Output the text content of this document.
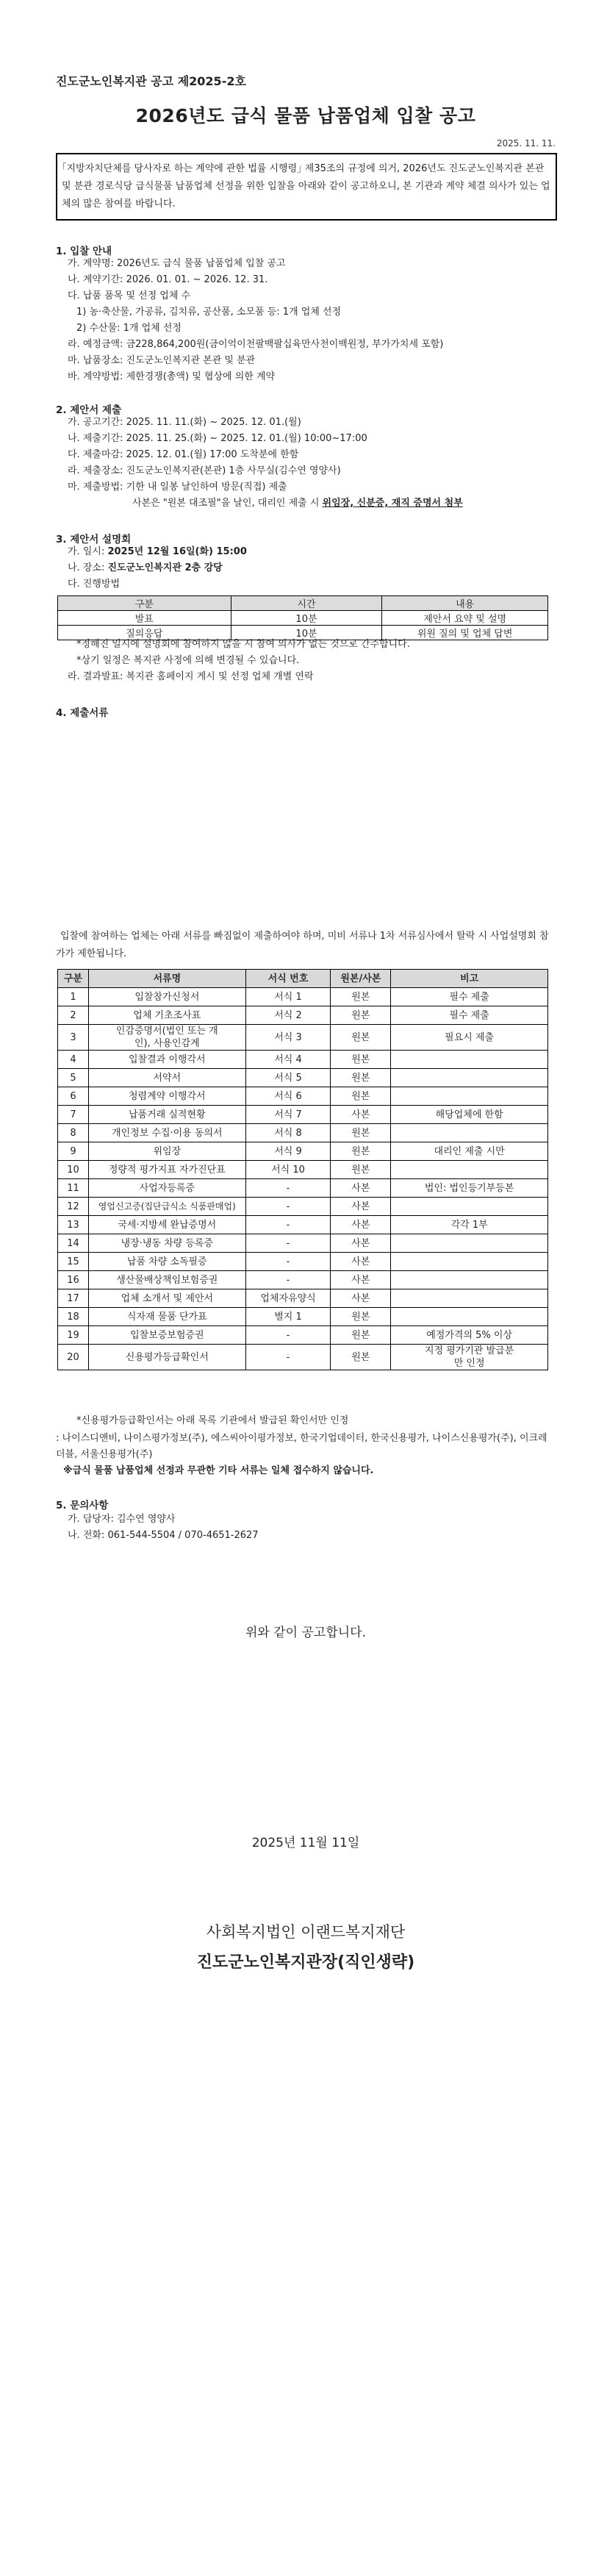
진도군노인복지관 공고 제2025-2호
2026년도 급식 물품 납품업체 입찰 공고
2025. 11. 11.
｢지방자치단체를 당사자로 하는 계약에 관한 법률 시행령｣ 제35조의 규정에 의거, 2026년도 진도군노인복지관 본관 및 분관 경로식당 급식물품 납품업체 선정을 위한 입찰을 아래와 같이 공고하오니, 본 기관과 계약 체결 의사가 있는 업체의 많은 참여를 바랍니다.
1. 입찰 안내
가. 계약명: 2026년도 급식 물품 납품업체 입찰 공고
나. 계약기간: 2026. 01. 01. ~ 2026. 12. 31.
다. 납품 품목 및 선정 업체 수
1) 농·축산물, 가공류, 김치류, 공산품, 소모품 등: 1개 업체 선정
2) 수산물: 1개 업체 선정
라. 예정금액: 금228,864,200원(금이억이천팔백팔십육만사천이백원정, 부가가치세 포함)
마. 납품장소: 진도군노인복지관 본관 및 분관
바. 계약방법: 제한경쟁(총액) 및 협상에 의한 계약
2. 제안서 제출
가. 공고기간: 2025. 11. 11.(화) ~ 2025. 12. 01.(월)
나. 제출기간: 2025. 11. 25.(화) ~ 2025. 12. 01.(월) 10:00~17:00
다. 제출마감: 2025. 12. 01.(월) 17:00 도착분에 한함
라. 제출장소: 진도군노인복지관(본관) 1층 사무실(김수연 영양사)
마. 제출방법: 기한 내 일봉 날인하여 방문(직접) 제출
사본은 "원본 대조필"을 날인, 대리인 제출 시 위임장, 신분증, 재직 증명서 첨부
3. 제안서 설명회
가. 일시: 2025년 12월 16일(화) 15:00
나. 장소: 진도군노인복지관 2층 강당
다. 진행방법
구분	시간	내용
발표	10분	제안서 요약 및 설명
질의응답	10분	위원 질의 및 업체 답변
*정해진 일시에 설명회에 참여하지 않을 시 참여 의사가 없는 것으로 간주합니다.
*상기 일정은 복지관 사정에 의해 변경될 수 있습니다.
라. 결과발표: 복지관 홈페이지 게시 및 선정 업체 개별 연락
4. 제출서류
입찰에 참여하는 업체는 아래 서류를 빠짐없이 제출하여야 하며, 미비 서류나 1차 서류심사에서 탈락 시 사업설명회 참가가 제한됩니다.
구분	서류명	서식 번호	원본/사본	비고
1	입찰참가신청서	서식 1	원본	필수 제출
2	업체 기초조사표	서식 2	원본	필수 제출
3	인감증명서(법인 또는 개인), 사용인감계	서식 3	원본	필요시 제출
4	입찰결과 이행각서	서식 4	원본	
5	서약서	서식 5	원본	
6	청렴계약 이행각서	서식 6	원본	
7	납품거래 실적현황	서식 7	사본	해당업체에 한함
8	개인정보 수집·이용 동의서	서식 8	원본	
9	위임장	서식 9	원본	대리인 제출 시만
10	정량적 평가지표 자가진단표	서식 10	원본	
11	사업자등록증	-	사본	법인: 법인등기부등본
12	영업신고증(집단급식소 식품판매업)	-	사본	
13	국세·지방세 완납증명서	-	사본	각각 1부
14	냉장·냉동 차량 등록증	-	사본	
15	납품 차량 소독필증	-	사본	
16	생산물배상책임보험증권	-	사본	
17	업체 소개서 및 제안서	업체자유양식	사본	
18	식자재 물품 단가표	별지 1	원본	
19	입찰보증보험증권	-	원본	예정가격의 5% 이상
20	신용평가등급확인서	-	원본	지정 평가기관 발급분만 인정
*신용평가등급확인서는 아래 목록 기관에서 발급된 확인서만 인정
: 나이스디앤비, 나이스평가정보(주), 에스씨아이평가정보, 한국기업데이터, 한국신용평가, 나이스신용평가(주), 이크레더블, 서울신용평가(주)
※급식 물품 납품업체 선정과 무관한 기타 서류는 일체 접수하지 않습니다.
5. 문의사항
가. 담당자: 김수연 영양사
나. 전화: 061-544-5504 / 070-4651-2627
위와 같이 공고합니다.
2025년 11월 11일
사회복지법인 이랜드복지재단
진도군노인복지관장(직인생략)
